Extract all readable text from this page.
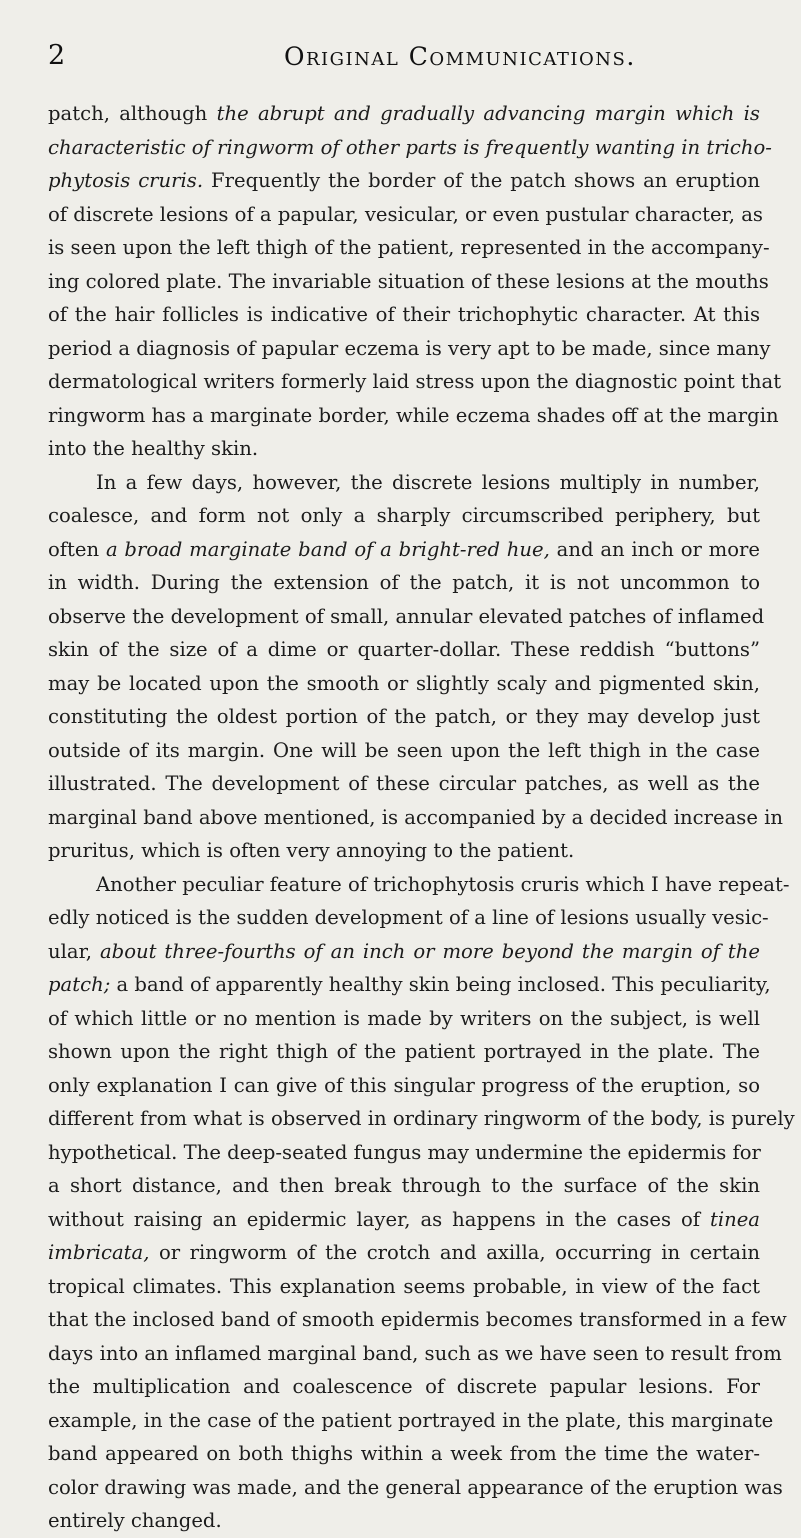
2	Original Communications.
patch, although the abrupt and gradually advancing margin which is
characteristic of ringworm of other parts is frequently wanting in tricho-
phytosis cruris. Frequently the border of the patch shows an eruption
of discrete lesions of a papular, vesicular, or even pustular character, as
is seen upon the left thigh of the patient, represented in the accompany-
ing colored plate. The invariable situation of these lesions at the mouths
of the hair follicles is indicative of their trichophytic character. At this
period a diagnosis of papular eczema is very apt to be made, since many
dermatological writers formerly laid stress upon the diagnostic point that
ringworm has a marginate border, while eczema shades off at the margin
into the healthy skin.
In a few days, however, the discrete lesions multiply in number,
coalesce, and form not only a sharply circumscribed periphery, but
often a broad marginate band of a bright-red hue, and an inch or more
in width. During the extension of the patch, it is not uncommon to
observe the development of small, annular elevated patches of inflamed
skin of the size of a dime or quarter-dollar. These reddish “buttons”
may be located upon the smooth or slightly scaly and pigmented skin,
constituting the oldest portion of the patch, or they may develop just
outside of its margin. One will be seen upon the left thigh in the case
illustrated. The development of these circular patches, as well as the
marginal band above mentioned, is accompanied by a decided increase in
pruritus, which is often very annoying to the patient.
Another peculiar feature of trichophytosis cruris which I have repeat-
edly noticed is the sudden development of a line of lesions usually vesic-
ular, about three-fourths of an inch or more beyond the margin of the
patch; a band of apparently healthy skin being inclosed. This peculiarity,
of which little or no mention is made by writers on the subject, is well
shown upon the right thigh of the patient portrayed in the plate. The
only explanation I can give of this singular progress of the eruption, so
different from what is observed in ordinary ringworm of the body, is purely
hypothetical. The deep-seated fungus may undermine the epidermis for
a short distance, and then break through to the surface of the skin
without raising an epidermic layer, as happens in the cases of tinea
imbricata, or ringworm of the crotch and axilla, occurring in certain
tropical climates. This explanation seems probable, in view of the fact
that the inclosed band of smooth epidermis becomes transformed in a few
days into an inflamed marginal band, such as we have seen to result from
the multiplication and coalescence of discrete papular lesions. For
example, in the case of the patient portrayed in the plate, this marginate
band appeared on both thighs within a week from the time the water-
color drawing was made, and the general appearance of the eruption was
entirely changed.
